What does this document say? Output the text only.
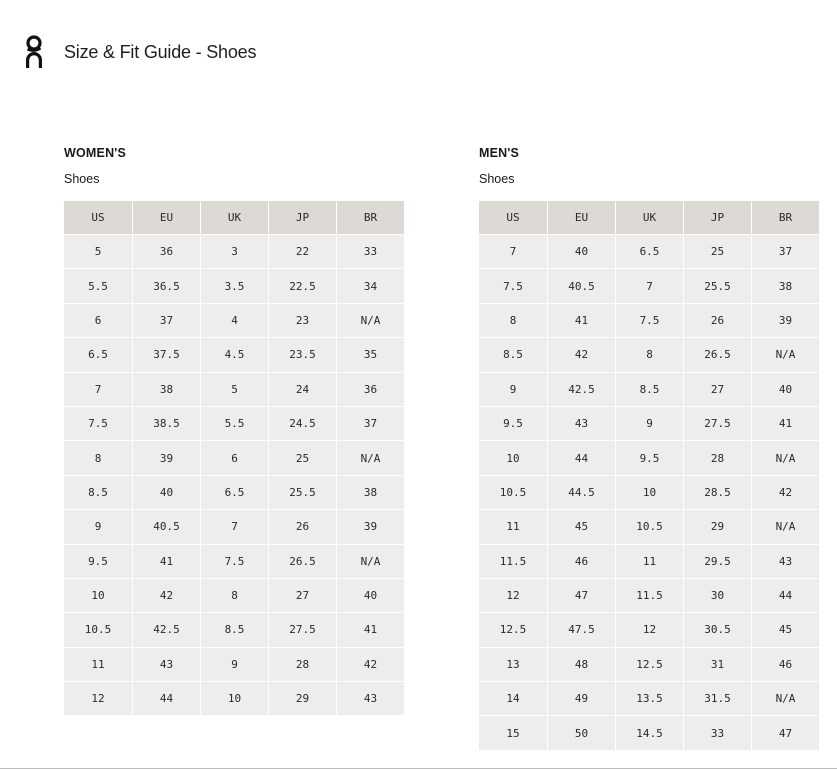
Size & Fit Guide - Shoes
WOMEN'S
Shoes
US	EU	UK	JP	BR
5	36	3	22	33
5.5	36.5	3.5	22.5	34
6	37	4	23	N/A
6.5	37.5	4.5	23.5	35
7	38	5	24	36
7.5	38.5	5.5	24.5	37
8	39	6	25	N/A
8.5	40	6.5	25.5	38
9	40.5	7	26	39
9.5	41	7.5	26.5	N/A
10	42	8	27	40
10.5	42.5	8.5	27.5	41
11	43	9	28	42
12	44	10	29	43
MEN'S
Shoes
US	EU	UK	JP	BR
7	40	6.5	25	37
7.5	40.5	7	25.5	38
8	41	7.5	26	39
8.5	42	8	26.5	N/A
9	42.5	8.5	27	40
9.5	43	9	27.5	41
10	44	9.5	28	N/A
10.5	44.5	10	28.5	42
11	45	10.5	29	N/A
11.5	46	11	29.5	43
12	47	11.5	30	44
12.5	47.5	12	30.5	45
13	48	12.5	31	46
14	49	13.5	31.5	N/A
15	50	14.5	33	47
